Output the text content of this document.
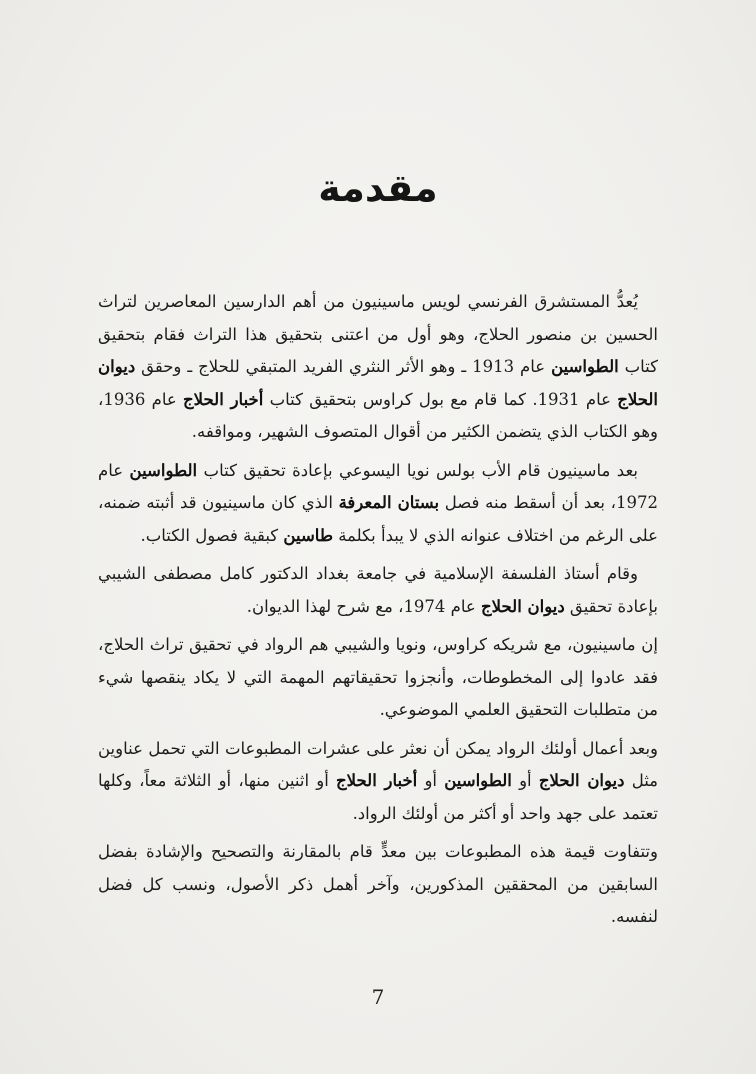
مقدمة

يُعدُّ المستشرق الفرنسي لويس ماسينيون من أهم الدارسين المعاصرين لتراث الحسين بن منصور الحلاج، وهو أول من اعتنى بتحقيق هذا التراث فقام بتحقيق كتاب الطواسين عام 1913 ـ وهو الأثر النثري الفريد المتبقي للحلاج ـ وحقق ديوان الحلاج عام 1931. كما قام مع بول كراوس بتحقيق كتاب أخبار الحلاج عام 1936، وهو الكتاب الذي يتضمن الكثير من أقوال المتصوف الشهير، ومواقفه.

بعد ماسينيون قام الأب بولس نويا اليسوعي بإعادة تحقيق كتاب الطواسين عام 1972، بعد أن أسقط منه فصل بستان المعرفة الذي كان ماسينيون قد أثبته ضمنه، على الرغم من اختلاف عنوانه الذي لا يبدأ بكلمة طاسين كبقية فصول الكتاب.

وقام أستاذ الفلسفة الإسلامية في جامعة بغداد الدكتور كامل مصطفى الشيبي بإعادة تحقيق ديوان الحلاج عام 1974، مع شرح لهذا الديوان.

إن ماسينيون، مع شريكه كراوس، ونويا والشيبي هم الرواد في تحقيق تراث الحلاج، فقد عادوا إلى المخطوطات، وأنجزوا تحقيقاتهم المهمة التي لا يكاد ينقصها شيء من متطلبات التحقيق العلمي الموضوعي.

وبعد أعمال أولئك الرواد يمكن أن نعثر على عشرات المطبوعات التي تحمل عناوين مثل ديوان الحلاج أو الطواسين أو أخبار الحلاج أو اثنين منها، أو الثلاثة معاً، وكلها تعتمد على جهد واحد أو أكثر من أولئك الرواد.

وتتفاوت قيمة هذه المطبوعات بين معدٍّ قام بالمقارنة والتصحيح والإشادة بفضل السابقين من المحققين المذكورين، وآخر أهمل ذكر الأصول، ونسب كل فضل لنفسه.

7
